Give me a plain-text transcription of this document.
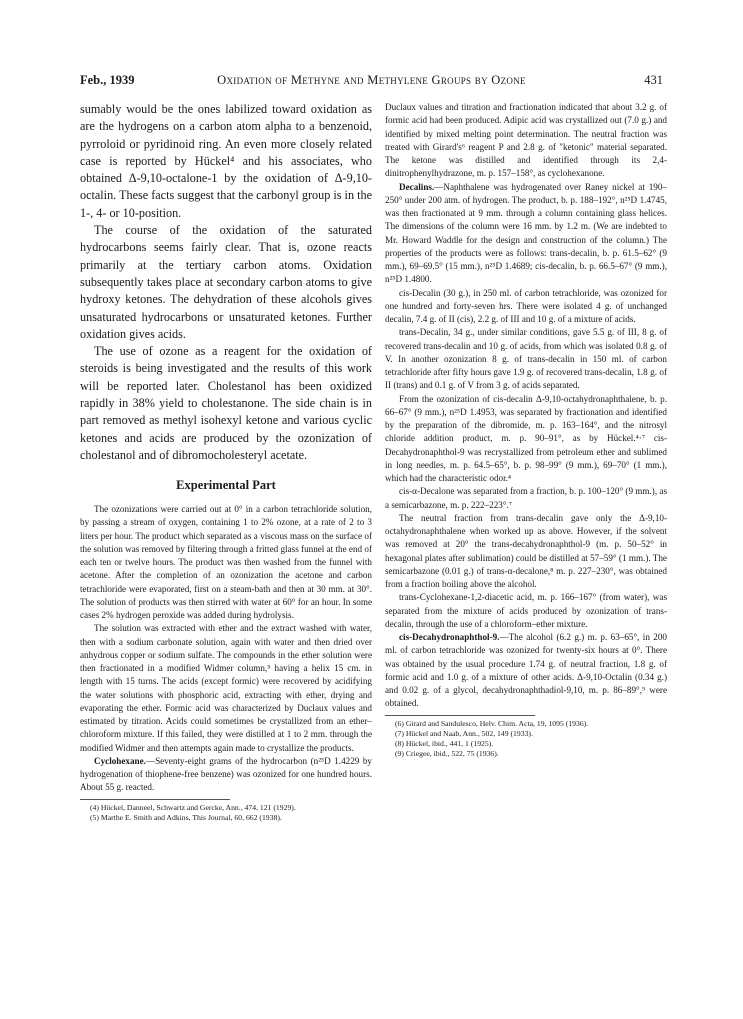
Feb., 1939	Oxidation of Methyne and Methylene Groups by Ozone	431

sumably would be the ones labilized toward oxidation as are the hydrogens on a carbon atom alpha to a benzenoid, pyrroloid or pyridinoid ring. An even more closely related case is reported by Hückel⁴ and his associates, who obtained Δ-9,10-octalone-1 by the oxidation of Δ-9,10-octalin. These facts suggest that the carbonyl group is in the 1-, 4- or 10-position.

The course of the oxidation of the saturated hydrocarbons seems fairly clear. That is, ozone reacts primarily at the tertiary carbon atoms. Oxidation subsequently takes place at secondary carbon atoms to give hydroxy ketones. The dehydration of these alcohols gives unsaturated hydrocarbons or unsaturated ketones. Further oxidation gives acids.

The use of ozone as a reagent for the oxidation of steroids is being investigated and the results of this work will be reported later. Cholestanol has been oxidized rapidly in 38% yield to cholestanone. The side chain is in part removed as methyl isohexyl ketone and various cyclic ketones and acids are produced by the ozonization of cholestanol and of dibromocholesteryl acetate.

Experimental Part

The ozonizations were carried out at 0° in a carbon tetrachloride solution, by passing a stream of oxygen, containing 1 to 2% ozone, at a rate of 2 to 3 liters per hour. The product which separated as a viscous mass on the surface of the solution was removed by filtering through a fritted glass funnel at the end of each ten or twelve hours. The product was then washed from the funnel with acetone. After the completion of an ozonization the acetone and carbon tetrachloride were evaporated, first on a steam-bath and then at 30 mm. at 30°. The solution of products was then stirred with water at 60° for an hour. In some cases 2% hydrogen peroxide was added during hydrolysis.

The solution was extracted with ether and the extract washed with water, then with a sodium carbonate solution, again with water and then dried over anhydrous copper or sodium sulfate. The compounds in the ether solution were then fractionated in a modified Widmer column,⁵ having a helix 15 cm. in length with 15 turns. The acids (except formic) were recovered by acidifying the water solutions with phosphoric acid, extracting with ether, drying and evaporating the ether. Formic acid was characterized by Duclaux values and estimated by titration. Acids could sometimes be crystallized from an ether–chloroform mixture. If this failed, they were distilled at 1 to 2 mm. through the modified Widmer and then attempts again made to crystallize the products.

Cyclohexane.—Seventy-eight grams of the hydrocarbon (n²⁵D 1.4229 by hydrogenation of thiophene-free benzene) was ozonized for one hundred hours. About 55 g. reacted.

(4) Hückel, Danneel, Schwartz and Gercke, Ann., 474, 121 (1929).
(5) Marthe E. Smith and Adkins, This Journal, 60, 662 (1938).

Duclaux values and titration and fractionation indicated that about 3.2 g. of formic acid had been produced. Adipic acid was crystallized out (7.0 g.) and identified by mixed melting point determination. The neutral fraction was treated with Girard's⁶ reagent P and 2.8 g. of "ketonic" material separated. The ketone was distilled and identified through its 2,4-dinitrophenylhydrazone, m. p. 157–158°, as cyclohexanone.

Decalins.—Naphthalene was hydrogenated over Raney nickel at 190–250° under 200 atm. of hydrogen. The product, b. p. 188–192°, n²⁵D 1.4745, was then fractionated at 9 mm. through a column containing glass helices. The dimensions of the column were 16 mm. by 1.2 m. (We are indebted to Mr. Howard Waddle for the design and construction of the column.) The properties of the products were as follows: trans-decalin, b. p. 61.5–62° (9 mm.), 69–69.5° (15 mm.), n²⁵D 1.4689; cis-decalin, b. p. 66.5–67° (9 mm.), n²⁵D 1.4800.

cis-Decalin (30 g.), in 250 ml. of carbon tetrachloride, was ozonized for one hundred and forty-seven hrs. There were isolated 4 g. of unchanged decalin, 7.4 g. of II (cis), 2.2 g. of III and 10 g. of a mixture of acids.

trans-Decalin, 34 g., under similar conditions, gave 5.5 g. of III, 8 g. of recovered trans-decalin and 10 g. of acids, from which was isolated 0.8 g. of V. In another ozonization 8 g. of trans-decalin in 150 ml. of carbon tetrachloride after fifty hours gave 1.9 g. of recovered trans-decalin, 1.8 g. of II (trans) and 0.1 g. of V from 3 g. of acids separated.

From the ozonization of cis-decalin Δ-9,10-octahydronaphthalene, b. p. 66–67° (9 mm.), n²⁵D 1.4953, was separated by fractionation and identified by the preparation of the dibromide, m. p. 163–164°, and the nitrosyl chloride addition product, m. p. 90–91°, as by Hückel.⁴·⁷ cis-Decahydronaphthol-9 was recrystallized from petroleum ether and sublimed in long needles, m. p. 64.5–65°, b. p. 98–99° (9 mm.), 69–70° (1 mm.), which had the characteristic odor.⁴

cis-α-Decalone was separated from a fraction, b. p. 100–120° (9 mm.), as a semicarbazone, m. p. 222–223°.⁷

The neutral fraction from trans-decalin gave only the Δ-9,10-octahydronaphthalene when worked up as above. However, if the solvent was removed at 20° the trans-decahydronaphthol-9 (m. p. 50–52° in hexagonal plates after sublimation) could be distilled at 57–59° (1 mm.). The semicarbazone (0.01 g.) of trans-α-decalone,⁸ m. p. 227–230°, was obtained from a fraction boiling above the alcohol.

trans-Cyclohexane-1,2-diacetic acid, m. p. 166–167° (from water), was separated from the mixture of acids produced by ozonization of trans-decalin, through the use of a chloroform–ether mixture.

cis-Decahydronaphthol-9.—The alcohol (6.2 g.) m. p. 63–65°, in 200 ml. of carbon tetrachloride was ozonized for twenty-six hours at 0°. There was obtained by the usual procedure 1.74 g. of neutral fraction, 1.8 g. of formic acid and 1.0 g. of a mixture of other acids. Δ-9,10-Octalin (0.34 g.) and 0.02 g. of a glycol, decahydronaphthadiol-9,10, m. p. 86–89°,⁹ were obtained.

(6) Girard and Sandulesco, Helv. Chim. Acta, 19, 1095 (1936).
(7) Hückel and Naab, Ann., 502, 149 (1933).
(8) Hückel, ibid., 441, 1 (1925).
(9) Criegee, ibid., 522, 75 (1936).
